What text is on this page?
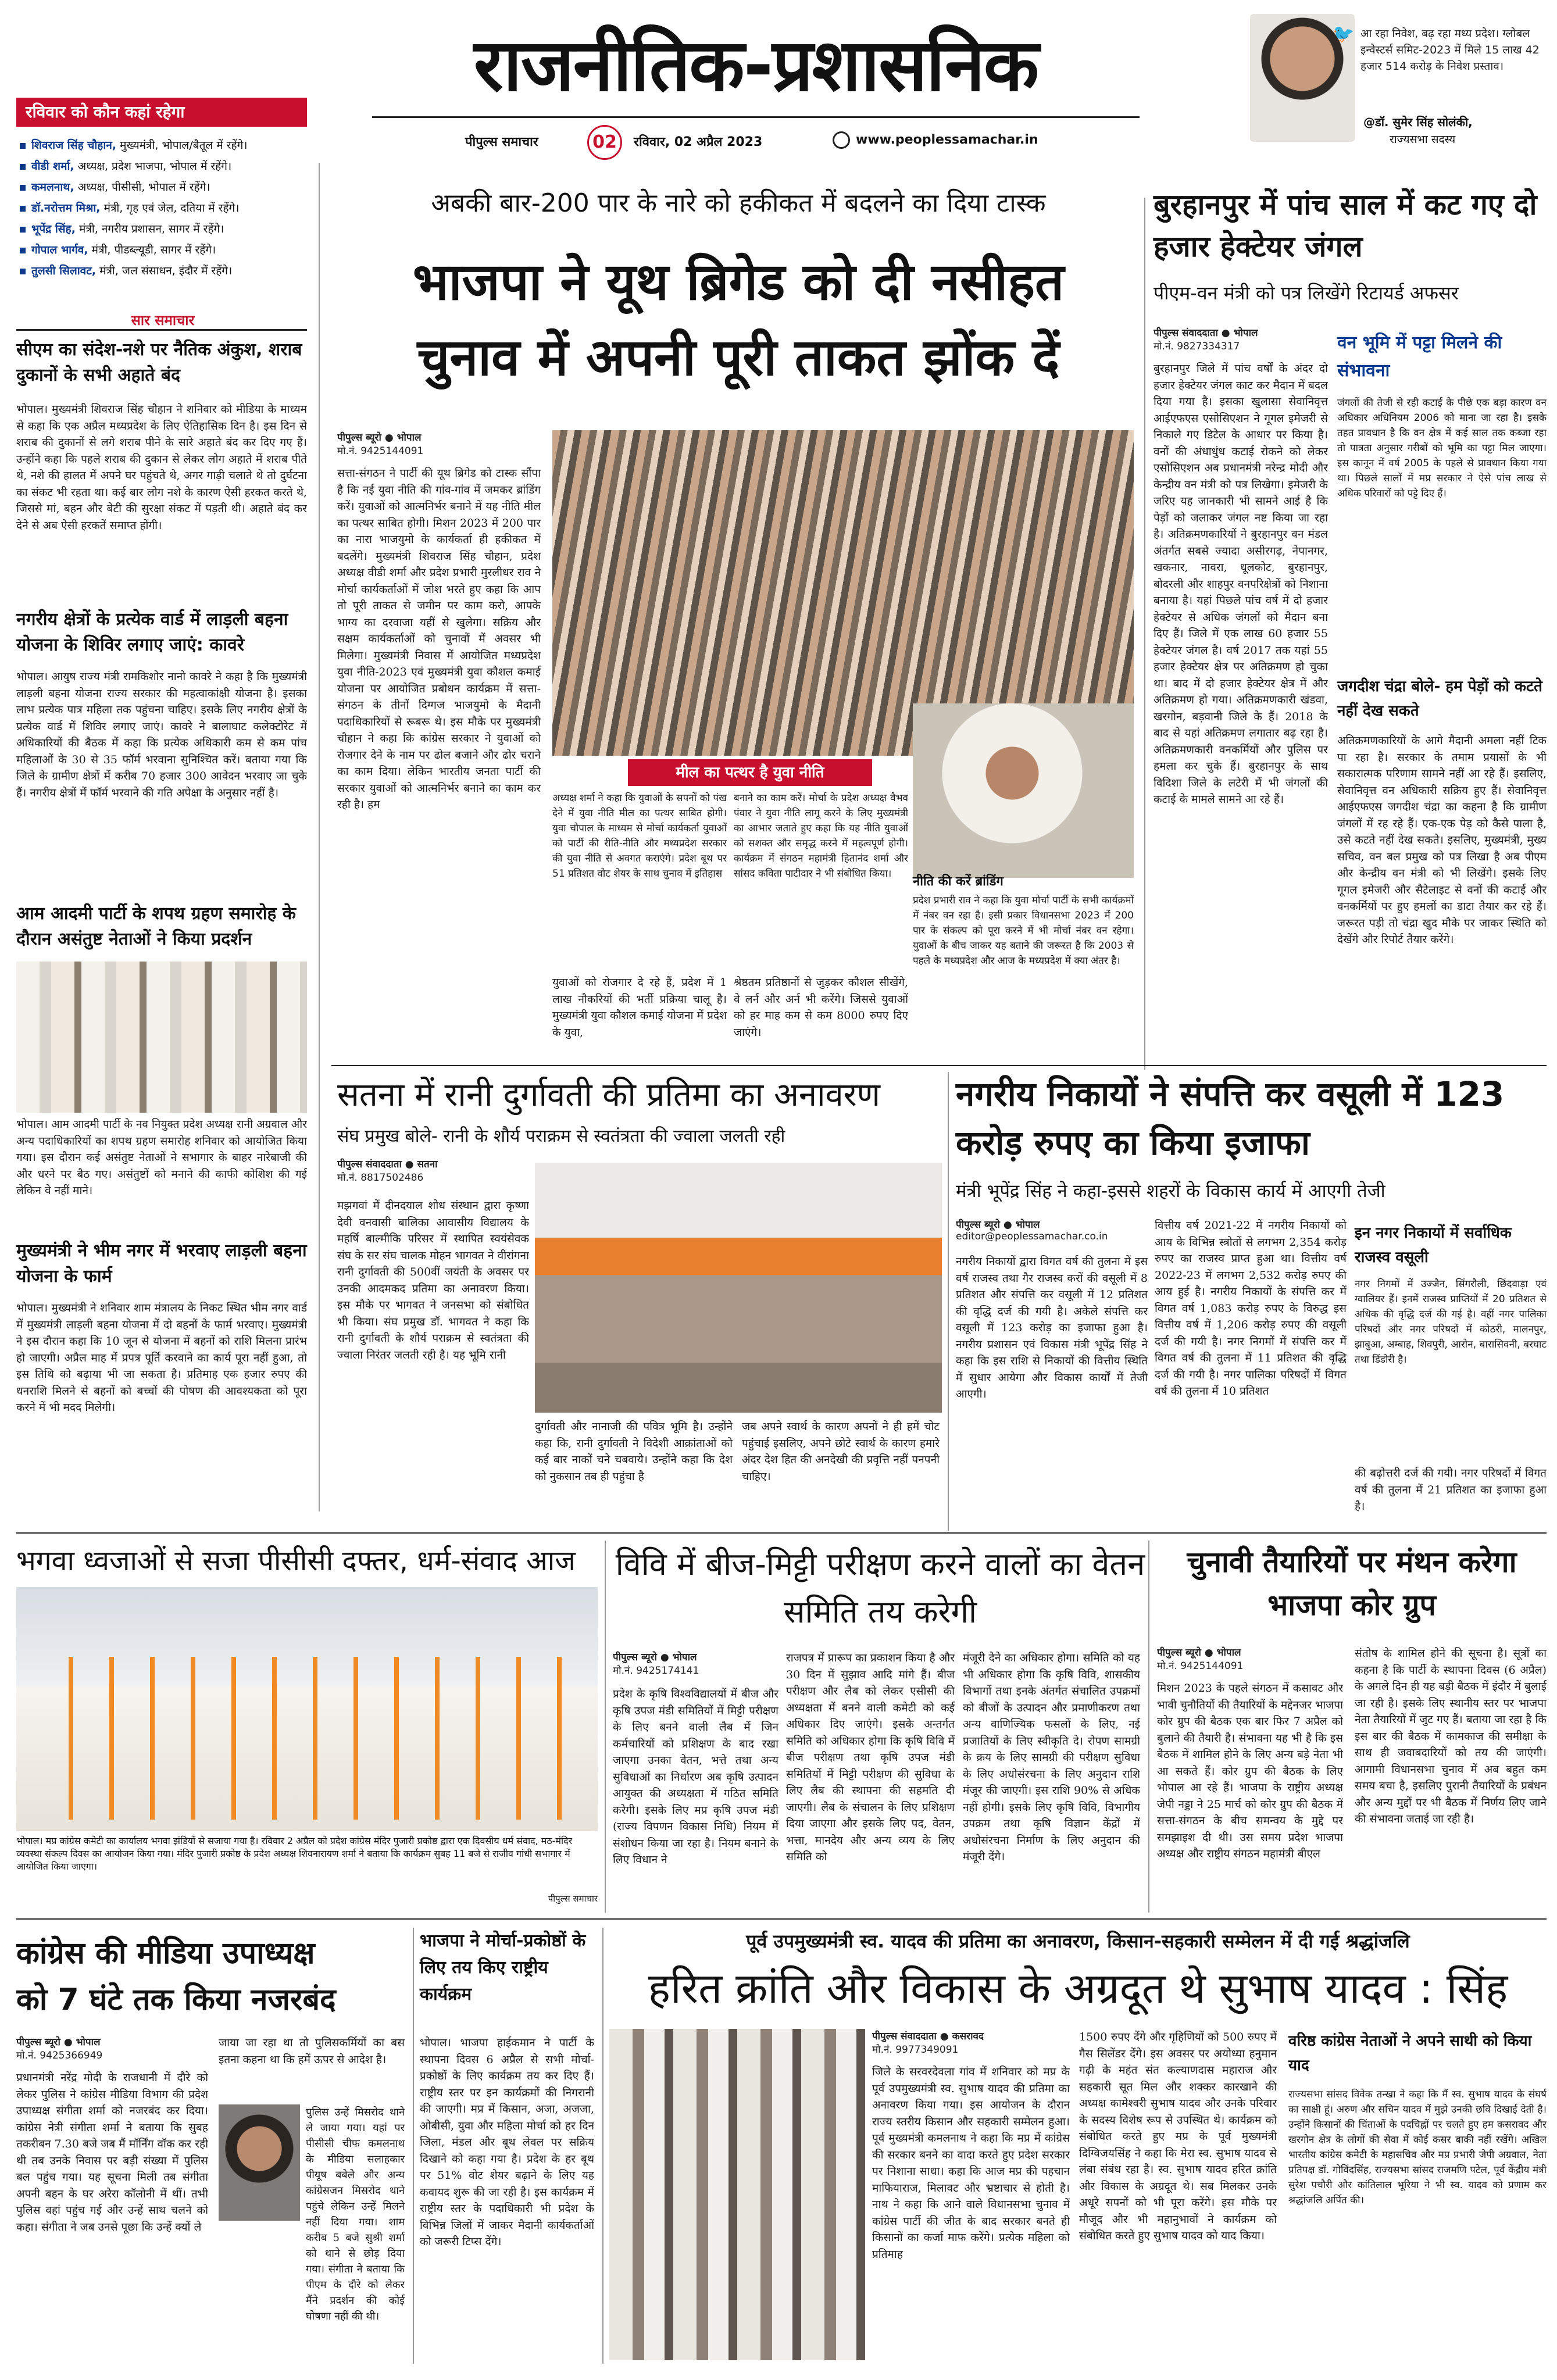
राजनीतिक-प्रशासनिक
पीपुल्स समाचार	02	रविवार, 02 अप्रैल 2023	www.peoplessamachar.in
🐦 आ रहा निवेश, बढ़ रहा मध्य प्रदेश। ग्लोबल इन्वेस्टर्स समिट-2023 में मिले 15 लाख 42 हजार 514 करोड़ के निवेश प्रस्ताव।
@डॉ. सुमेर सिंह सोलंकी,
राज्यसभा सदस्य
रविवार को कौन कहां रहेगा
शिवराज सिंह चौहान, मुख्यमंत्री, भोपाल/बैतूल में रहेंगे।
वीडी शर्मा, अध्यक्ष, प्रदेश भाजपा, भोपाल में रहेंगे।
कमलनाथ, अध्यक्ष, पीसीसी, भोपाल में रहेंगे।
डॉ.नरोत्तम मिश्रा, मंत्री, गृह एवं जेल, दतिया में रहेंगे।
भूपेंद्र सिंह, मंत्री, नगरीय प्रशासन, सागर में रहेंगे।
गोपाल भार्गव, मंत्री, पीडब्ल्यूडी, सागर में रहेंगे।
तुलसी सिलावट, मंत्री, जल संसाधन, इंदौर में रहेंगे।
सार समाचार
सीएम का संदेश-नशे पर नैतिक अंकुश, शराब दुकानों के सभी अहाते बंद
भोपाल। मुख्यमंत्री शिवराज सिंह चौहान ने शनिवार को मीडिया के माध्यम से कहा कि एक अप्रैल मध्यप्रदेश के लिए ऐतिहासिक दिन है। इस दिन से शराब की दुकानों से लगे शराब पीने के सारे अहाते बंद कर दिए गए हैं। उन्होंने कहा कि पहले शराब की दुकान से लेकर लोग अहाते में शराब पीते थे, नशे की हालत में अपने घर पहुंचते थे, अगर गाड़ी चलाते थे तो दुर्घटना का संकट भी रहता था। कई बार लोग नशे के कारण ऐसी हरकत करते थे, जिससे मां, बहन और बेटी की सुरक्षा संकट में पड़ती थी। अहाते बंद कर देने से अब ऐसी हरकतें समाप्त होंगी।
नगरीय क्षेत्रों के प्रत्येक वार्ड में लाड़ली बहना योजना के शिविर लगाए जाएं: कावरे
भोपाल। आयुष राज्य मंत्री रामकिशोर नानो कावरे ने कहा है कि मुख्यमंत्री लाड़ली बहना योजना राज्य सरकार की महत्वाकांक्षी योजना है। इसका लाभ प्रत्येक पात्र महिला तक पहुंचना चाहिए। इसके लिए नगरीय क्षेत्रों के प्रत्येक वार्ड में शिविर लगाए जाएं। कावरे ने बालाघाट कलेक्टोरेट में अधिकारियों की बैठक में कहा कि प्रत्येक अधिकारी कम से कम पांच महिलाओं के 30 से 35 फॉर्म भरवाना सुनिश्चित करें। बताया गया कि जिले के ग्रामीण क्षेत्रों में करीब 70 हजार 300 आवेदन भरवाए जा चुके हैं। नगरीय क्षेत्रों में फॉर्म भरवाने की गति अपेक्षा के अनुसार नहीं है।
आम आदमी पार्टी के शपथ ग्रहण समारोह के दौरान असंतुष्ट नेताओं ने किया प्रदर्शन
भोपाल। आम आदमी पार्टी के नव नियुक्त प्रदेश अध्यक्ष रानी अग्रवाल और अन्य पदाधिकारियों का शपथ ग्रहण समारोह शनिवार को आयोजित किया गया। इस दौरान कई असंतुष्ट नेताओं ने सभागार के बाहर नारेबाजी की और धरने पर बैठ गए। असंतुष्टों को मनाने की काफी कोशिश की गई लेकिन वे नहीं माने।
मुख्यमंत्री ने भीम नगर में भरवाए लाड़ली बहना योजना के फार्म
भोपाल। मुख्यमंत्री ने शनिवार शाम मंत्रालय के निकट स्थित भीम नगर वार्ड में मुख्यमंत्री लाड़ली बहना योजना में दो बहनों के फार्म भरवाए। मुख्यमंत्री ने इस दौरान कहा कि 10 जून से योजना में बहनों को राशि मिलना प्रारंभ हो जाएगी। अप्रैल माह में प्रपत्र पूर्ति करवाने का कार्य पूरा नहीं हुआ, तो इस तिथि को बढ़ाया भी जा सकता है। प्रतिमाह एक हजार रुपए की धनराशि मिलने से बहनों को बच्चों की पोषण की आवश्यकता को पूरा करने में भी मदद मिलेगी।
अबकी बार-200 पार के नारे को हकीकत में बदलने का दिया टास्क
भाजपा ने यूथ ब्रिगेड को दी नसीहत
चुनाव में अपनी पूरी ताकत झोंक दें
पीपुल्स ब्यूरो ● भोपाल
मो.नं. 9425144091
सत्ता-संगठन ने पार्टी की यूथ ब्रिगेड को टास्क सौंपा है कि नई युवा नीति की गांव-गांव में जमकर ब्रांडिंग करें। युवाओं को आत्मनिर्भर बनाने में यह नीति मील का पत्थर साबित होगी। मिशन 2023 में 200 पार का नारा भाजयुमो के कार्यकर्ता ही हकीकत में बदलेंगे। मुख्यमंत्री शिवराज सिंह चौहान, प्रदेश अध्यक्ष वीडी शर्मा और प्रदेश प्रभारी मुरलीधर राव ने मोर्चा कार्यकर्ताओं में जोश भरते हुए कहा कि आप तो पूरी ताकत से जमीन पर काम करो, आपके भाग्य का दरवाजा यहीं से खुलेगा। सक्रिय और सक्षम कार्यकर्ताओं को चुनावों में अवसर भी मिलेगा। मुख्यमंत्री निवास में आयोजित मध्यप्रदेश युवा नीति-2023 एवं मुख्यमंत्री युवा कौशल कमाई योजना पर आयोजित प्रबोधन कार्यक्रम में सत्ता-संगठन के तीनों दिग्गज भाजयुमो के मैदानी पदाधिकारियों से रूबरू थे। इस मौके पर मुख्यमंत्री चौहान ने कहा कि कांग्रेस सरकार ने युवाओं को रोजगार देने के नाम पर ढोल बजाने और ढोर चराने का काम दिया। लेकिन भारतीय जनता पार्टी की सरकार युवाओं को आत्मनिर्भर बनाने का काम कर रही है। हम
मील का पत्थर है युवा नीति
अध्यक्ष शर्मा ने कहा कि युवाओं के सपनों को पंख देने में युवा नीति मील का पत्थर साबित होगी। युवा चौपाल के माध्यम से मोर्चा कार्यकर्ता युवाओं को पार्टी की रीति-नीति और मध्यप्रदेश सरकार की युवा नीति से अवगत कराएंगे। प्रदेश बूथ पर 51 प्रतिशत वोट शेयर के साथ चुनाव में इतिहास
बनाने का काम करें। मोर्चा के प्रदेश अध्यक्ष वैभव पंवार ने युवा नीति लागू करने के लिए मुख्यमंत्री का आभार जताते हुए कहा कि यह नीति युवाओं को सशक्त और समृद्ध करने में महत्वपूर्ण होगी। कार्यक्रम में संगठन महामंत्री हितानंद शर्मा और सांसद कविता पाटीदार ने भी संबोधित किया।
युवाओं को रोजगार दे रहे हैं, प्रदेश में 1 लाख नौकरियों की भर्ती प्रक्रिया चालू है। मुख्यमंत्री युवा कौशल कमाई योजना में प्रदेश के युवा,
श्रेष्ठतम प्रतिष्ठानों से जुड़कर कौशल सीखेंगे, वे लर्न और अर्न भी करेंगे। जिससे युवाओं को हर माह कम से कम 8000 रुपए दिए जाएंगे।
नीति की करें ब्रांडिंग
प्रदेश प्रभारी राव ने कहा कि युवा मोर्चा पार्टी के सभी कार्यक्रमों में नंबर वन रहा है। इसी प्रकार विधानसभा 2023 में 200 पार के संकल्प को पूरा करने में भी मोर्चा नंबर वन रहेगा। युवाओं के बीच जाकर यह बताने की जरूरत है कि 2003 से पहले के मध्यप्रदेश और आज के मध्यप्रदेश में क्या अंतर है।
बुरहानपुर में पांच साल में कट गए दो हजार हेक्टेयर जंगल
पीएम-वन मंत्री को पत्र लिखेंगे रिटायर्ड अफसर
पीपुल्स संवाददाता ● भोपाल
मो.नं. 9827334317
बुरहानपुर जिले में पांच वर्षों के अंदर दो हजार हेक्टेयर जंगल काट कर मैदान में बदल दिया गया है। इसका खुलासा सेवानिवृत्त आईएफएस एसोसिएशन ने गूगल इमेजरी से निकाले गए डिटेल के आधार पर किया है। वनों की अंधाधुंध कटाई रोकने को लेकर एसोसिएशन अब प्रधानमंत्री नरेन्द्र मोदी और केन्द्रीय वन मंत्री को पत्र लिखेगा। इमेजरी के जरिए यह जानकारी भी सामने आई है कि पेड़ों को जलाकर जंगल नष्ट किया जा रहा है। अतिक्रमणकारियों ने बुरहानपुर वन मंडल अंतर्गत सबसे ज्यादा असीरगढ़, नेपानगर, खकनार, नावरा, धूलकोट, बुरहानपुर, बोदरली और शाहपुर वनपरिक्षेत्रों को निशाना बनाया है। यहां पिछले पांच वर्ष में दो हजार हेक्टेयर से अधिक जंगलों को मैदान बना दिए हैं। जिले में एक लाख 60 हजार 55 हेक्टेयर जंगल है। वर्ष 2017 तक यहां 55 हजार हेक्टेयर क्षेत्र पर अतिक्रमण हो चुका था। बाद में दो हजार हेक्टेयर क्षेत्र में और अतिक्रमण हो गया। अतिक्रमणकारी खंडवा, खरगोन, बड़वानी जिले के हैं। 2018 के बाद से यहां अतिक्रमण लगातार बढ़ रहा है। अतिक्रमणकारी वनकर्मियों और पुलिस पर हमला कर चुके हैं। बुरहानपुर के साथ विदिशा जिले के लटेरी में भी जंगलों की कटाई के मामले सामने आ रहे हैं।
वन भूमि में पट्टा मिलने की संभावना
जंगलों की तेजी से रही कटाई के पीछे एक बड़ा कारण वन अधिकार अधिनियम 2006 को माना जा रहा है। इसके तहत प्रावधान है कि वन क्षेत्र में कई साल तक कब्जा रहा तो पात्रता अनुसार गरीबों को भूमि का पट्टा मिल जाएगा। इस कानून में वर्ष 2005 के पहले से प्रावधान किया गया था। पिछले सालों में मप्र सरकार ने ऐसे पांच लाख से अधिक परिवारों को पट्टे दिए हैं।
जगदीश चंद्रा बोले- हम पेड़ों को कटते नहीं देख सकते
अतिक्रमणकारियों के आगे मैदानी अमला नहीं टिक पा रहा है। सरकार के तमाम प्रयासों के भी सकारात्मक परिणाम सामने नहीं आ रहे हैं। इसलिए, सेवानिवृत्त वन अधिकारी सक्रिय हुए हैं। सेवानिवृत्त आईएफएस जगदीश चंद्रा का कहना है कि ग्रामीण जंगलों में रह रहे हैं। एक-एक पेड़ को कैसे पाला है, उसे कटते नहीं देख सकते। इसलिए, मुख्यमंत्री, मुख्य सचिव, वन बल प्रमुख को पत्र लिखा है अब पीएम और केन्द्रीय वन मंत्री को भी लिखेंगे। इसके लिए गूगल इमेजरी और सैटेलाइट से वनों की कटाई और वनकर्मियों पर हुए हमलों का डाटा तैयार कर रहे हैं। जरूरत पड़ी तो चंद्रा खुद मौके पर जाकर स्थिति को देखेंगे और रिपोर्ट तैयार करेंगे।
सतना में रानी दुर्गावती की प्रतिमा का अनावरण
संघ प्रमुख बोले- रानी के शौर्य पराक्रम से स्वतंत्रता की ज्वाला जलती रही
पीपुल्स संवाददाता ● सतना
मो.नं. 8817502486
मझगवां में दीनदयाल शोध संस्थान द्वारा कृष्णा देवी वनवासी बालिका आवासीय विद्यालय के महर्षि बाल्मीकि परिसर में स्थापित स्वयंसेवक संघ के सर संघ चालक मोहन भागवत ने वीरांगना रानी दुर्गावती की 500वीं जयंती के अवसर पर उनकी आदमकद प्रतिमा का अनावरण किया। इस मौके पर भागवत ने जनसभा को संबोधित भी किया। संघ प्रमुख डॉ. भागवत ने कहा कि रानी दुर्गावती के शौर्य पराक्रम से स्वतंत्रता की ज्वाला निरंतर जलती रही है। यह भूमि रानी
दुर्गावती और नानाजी की पवित्र भूमि है। उन्होंने कहा कि, रानी दुर्गावती ने विदेशी आक्रांताओं को कई बार नाकों चने चबवाये। उन्होंने कहा कि देश को नुकसान तब ही पहुंचा है
जब अपने स्वार्थ के कारण अपनों ने ही हमें चोट पहुंचाई इसलिए, अपने छोटे स्वार्थ के कारण हमारे अंदर देश हित की अनदेखी की प्रवृत्ति नहीं पनपनी चाहिए।
नगरीय निकायों ने संपत्ति कर वसूली में 123 करोड़ रुपए का किया इजाफा
मंत्री भूपेंद्र सिंह ने कहा-इससे शहरों के विकास कार्य में आएगी तेजी
पीपुल्स ब्यूरो ● भोपाल
editor@peoplessamachar.co.in
नगरीय निकायों द्वारा विगत वर्ष की तुलना में इस वर्ष राजस्व तथा गैर राजस्व करों की वसूली में 8 प्रतिशत और संपत्ति कर वसूली में 12 प्रतिशत की वृद्धि दर्ज की गयी है। अकेले संपत्ति कर वसूली में 123 करोड़ का इजाफा हुआ है। नगरीय प्रशासन एवं विकास मंत्री भूपेंद्र सिंह ने कहा कि इस राशि से निकायों की वित्तीय स्थिति में सुधार आयेगा और विकास कार्यों में तेजी आएगी।
वित्तीय वर्ष 2021-22 में नगरीय निकायों को आय के विभिन्न स्त्रोतों से लगभग 2,354 करोड़ रुपए का राजस्व प्राप्त हुआ था। वित्तीय वर्ष 2022-23 में लगभग 2,532 करोड़ रुपए की आय हुई है। नगरीय निकायों के संपत्ति कर में विगत वर्ष 1,083 करोड़ रुपए के विरुद्ध इस वित्तीय वर्ष में 1,206 करोड़ रुपए की वसूली दर्ज की गयी है। नगर निगमों में संपत्ति कर में विगत वर्ष की तुलना में 11 प्रतिशत की वृद्धि दर्ज की गयी है। नगर पालिका परिषदों में विगत वर्ष की तुलना में 10 प्रतिशत
इन नगर निकायों में सर्वाधिक राजस्व वसूली
नगर निगमों में उज्जैन, सिंगरौली, छिंदवाड़ा एवं ग्वालियर हैं। इनमें राजस्व प्राप्तियों में 20 प्रतिशत से अधिक की वृद्धि दर्ज की गई है। वहीं नगर पालिका परिषदों और नगर परिषदों में कोठरी, मालनपुर, झाबुआ, अम्बाह, शिवपुरी, आरोन, बारासिवनी, बरघाट तथा डिंडोरी है।
की बढ़ोत्तरी दर्ज की गयी। नगर परिषदों में विगत वर्ष की तुलना में 21 प्रतिशत का इजाफा हुआ है।
भगवा ध्वजाओं से सजा पीसीसी दफ्तर, धर्म-संवाद आज
भोपाल। मप्र कांग्रेस कमेटी का कार्यालय भगवा झंडियों से सजाया गया है। रविवार 2 अप्रैल को प्रदेश कांग्रेस मंदिर पुजारी प्रकोष्ठ द्वारा एक दिवसीय धर्म संवाद, मठ-मंदिर व्यवस्था संकल्प दिवस का आयोजन किया गया। मंदिर पुजारी प्रकोष्ठ के प्रदेश अध्यक्ष शिवनारायण शर्मा ने बताया कि कार्यक्रम सुबह 11 बजे से राजीव गांधी सभागार में आयोजित किया जाएगा।
पीपुल्स समाचार
विवि में बीज-मिट्टी परीक्षण करने वालों का वेतन समिति तय करेगी
पीपुल्स ब्यूरो ● भोपाल
मो.नं. 9425174141
प्रदेश के कृषि विश्वविद्यालयों में बीज और कृषि उपज मंडी समितियों में मिट्टी परीक्षण के लिए बनने वाली लैब में जिन कर्मचारियों को प्रशिक्षण के बाद रखा जाएगा उनका वेतन, भत्ते तथा अन्य सुविधाओं का निर्धारण अब कृषि उत्पादन आयुक्त की अध्यक्षता में गठित समिति करेगी। इसके लिए मप्र कृषि उपज मंडी (राज्य विपणन विकास निधि) नियम में संशोधन किया जा रहा है। नियम बनाने के लिए विधान ने
राजपत्र में प्रारूप का प्रकाशन किया है और 30 दिन में सुझाव आदि मांगे हैं। बीज परीक्षण और लैब को लेकर एसीसी की अध्यक्षता में बनने वाली कमेटी को कई अधिकार दिए जाएंगे। इसके अन्तर्गत समिति को अधिकार होगा कि कृषि विवि में बीज परीक्षण तथा कृषि उपज मंडी समितियों में मिट्टी परीक्षण की सुविधा के लिए लैब की स्थापना की सहमति दी जाएगी। लैब के संचालन के लिए प्रशिक्षण दिया जाएगा और इसके लिए पद, वेतन, भत्ता, मानदेय और अन्य व्यय के लिए समिति को
मंजूरी देने का अधिकार होगा। समिति को यह भी अधिकार होगा कि कृषि विवि, शासकीय विभागों तथा इनके अंतर्गत संचालित उपक्रमों को बीजों के उत्पादन और प्रमाणीकरण तथा अन्य वाणिज्यिक फसलों के लिए, नई प्रजातियों के लिए स्वीकृति दे। रोपण सामग्री के क्रय के लिए सामग्री की परीक्षण सुविधा के लिए अधोसंरचना के लिए अनुदान राशि मंजूर की जाएगी। इस राशि 90% से अधिक नहीं होगी। इसके लिए कृषि विवि, विभागीय उपक्रम तथा कृषि विज्ञान केंद्रों में अधोसंरचना निर्माण के लिए अनुदान की मंजूरी देंगे।
चुनावी तैयारियों पर मंथन करेगा भाजपा कोर ग्रुप
पीपुल्स ब्यूरो ● भोपाल
मो.नं. 9425144091
मिशन 2023 के पहले संगठन में कसावट और भावी चुनौतियों की तैयारियों के मद्देनजर भाजपा कोर ग्रुप की बैठक एक बार फिर 7 अप्रैल को बुलाने की तैयारी है। संभावना यह भी है कि इस बैठक में शामिल होने के लिए अन्य बड़े नेता भी आ सकते हैं। कोर ग्रुप की बैठक के लिए भोपाल आ रहे हैं। भाजपा के राष्ट्रीय अध्यक्ष जेपी नड्डा ने 25 मार्च को कोर ग्रुप की बैठक में सत्ता-संगठन के बीच समन्वय के मुद्दे पर समझाइश दी थी। उस समय प्रदेश भाजपा अध्यक्ष और राष्ट्रीय संगठन महामंत्री बीएल
संतोष के शामिल होने की सूचना है। सूत्रों का कहना है कि पार्टी के स्थापना दिवस (6 अप्रैल) के अगले दिन ही यह बड़ी बैठक में इंदौर में बुलाई जा रही है। इसके लिए स्थानीय स्तर पर भाजपा नेता तैयारियों में जुट गए हैं। बताया जा रहा है कि इस बार की बैठक में कामकाज की समीक्षा के साथ ही जवाबदारियों को तय की जाएंगी। आगामी विधानसभा चुनाव में अब बहुत कम समय बचा है, इसलिए पुरानी तैयारियों के प्रबंधन और अन्य मुद्दों पर भी बैठक में निर्णय लिए जाने की संभावना जताई जा रही है।
कांग्रेस की मीडिया उपाध्यक्ष
को 7 घंटे तक किया नजरबंद
पीपुल्स ब्यूरो ● भोपाल
मो.नं. 9425366949
प्रधानमंत्री नरेंद्र मोदी के राजधानी में दौरे को लेकर पुलिस ने कांग्रेस मीडिया विभाग की प्रदेश उपाध्यक्ष संगीता शर्मा को नजरबंद कर दिया। कांग्रेस नेत्री संगीता शर्मा ने बताया कि सुबह तकरीबन 7.30 बजे जब मैं मॉर्निंग वॉक कर रही थी तब उनके निवास पर बड़ी संख्या में पुलिस बल पहुंच गया। यह सूचना मिली तब संगीता अपनी बहन के घर अरेरा कॉलोनी में थीं। तभी पुलिस वहां पहुंच गई और उन्हें साथ चलने को कहा। संगीता ने जब उनसे पूछा कि उन्हें क्यों ले
जाया जा रहा था तो पुलिसकर्मियों का बस इतना कहना था कि हमें ऊपर से आदेश है।
पुलिस उन्हें मिसरोद थाने ले जाया गया। यहां पर पीसीसी चीफ कमलनाथ के मीडिया सलाहकार पीयूष बबेले और अन्य कांग्रेसजन मिसरोद थाने पहुंचे लेकिन उन्हें मिलने नहीं दिया गया। शाम करीब 5 बजे सुश्री शर्मा को थाने से छोड़ दिया गया। संगीता ने बताया कि पीएम के दौरे को लेकर मैंने प्रदर्शन की कोई घोषणा नहीं की थी।
भाजपा ने मोर्चा-प्रकोष्ठों के लिए तय किए राष्ट्रीय कार्यक्रम
भोपाल। भाजपा हाईकमान ने पार्टी के स्थापना दिवस 6 अप्रैल से सभी मोर्चा-प्रकोष्ठों के लिए कार्यक्रम तय कर दिए हैं। राष्ट्रीय स्तर पर इन कार्यक्रमों की निगरानी की जाएगी। मप्र में किसान, अजा, अजजा, ओबीसी, युवा और महिला मोर्चा को हर दिन जिला, मंडल और बूथ लेवल पर सक्रिय दिखाने को कहा गया है। प्रदेश के हर बूथ पर 51% वोट शेयर बढ़ाने के लिए यह कवायद शुरू की जा रही है। इस कार्यक्रम में राष्ट्रीय स्तर के पदाधिकारी भी प्रदेश के विभिन्न जिलों में जाकर मैदानी कार्यकर्ताओं को जरूरी टिप्स देंगे।
पूर्व उपमुख्यमंत्री स्व. यादव की प्रतिमा का अनावरण, किसान-सहकारी सम्मेलन में दी गई श्रद्धांजलि
हरित क्रांति और विकास के अग्रदूत थे सुभाष यादव : सिंह
पीपुल्स संवाददाता ● कसरावद
मो.नं. 9977349091
जिले के सरवरदेवला गांव में शनिवार को मप्र के पूर्व उपमुख्यमंत्री स्व. सुभाष यादव की प्रतिमा का अनावरण किया गया। इस आयोजन के दौरान राज्य स्तरीय किसान और सहकारी सम्मेलन हुआ। पूर्व मुख्यमंत्री कमलनाथ ने कहा कि मप्र में कांग्रेस की सरकार बनने का वादा करते हुए प्रदेश सरकार पर निशाना साधा। कहा कि आज मप्र की पहचान माफियाराज, मिलावट और भ्रष्टाचार से होती है। नाथ ने कहा कि आने वाले विधानसभा चुनाव में कांग्रेस पार्टी की जीत के बाद सरकार बनते ही किसानों का कर्जा माफ करेंगे। प्रत्येक महिला को प्रतिमाह
1500 रुपए देंगे और गृहिणियों को 500 रुपए में गैस सिलेंडर देंगे। इस अवसर पर अयोध्या हनुमान गढ़ी के महंत संत कल्याणदास महाराज और सहकारी सूत मिल और शक्कर कारखाने की अध्यक्ष कामेश्वरी सुभाष यादव और उनके परिवार के सदस्य विशेष रूप से उपस्थित थे। कार्यक्रम को संबोधित करते हुए मप्र के पूर्व मुख्यमंत्री दिग्विजयसिंह ने कहा कि मेरा स्व. सुभाष यादव से लंबा संबंध रहा है। स्व. सुभाष यादव हरित क्रांति और विकास के अग्रदूत थे। सब मिलकर उनके अधूरे सपनों को भी पूरा करेंगे। इस मौके पर मौजूद और भी महानुभावों ने कार्यक्रम को संबोधित करते हुए सुभाष यादव को याद किया।
वरिष्ठ कांग्रेस नेताओं ने अपने साथी को किया याद
राज्यसभा सांसद विवेक तन्खा ने कहा कि मैं स्व. सुभाष यादव के संघर्ष का साक्षी हूं। अरुण और सचिन यादव में मुझे उनकी छवि दिखाई देती है। उन्होंने किसानों की चिंताओं के पदचिह्नों पर चलते हुए हम कसरावद और खरगोन क्षेत्र के लोगों की सेवा में कोई कसर बाकी नहीं रखेंगे। अखिल भारतीय कांग्रेस कमेटी के महासचिव और मप्र प्रभारी जेपी अग्रवाल, नेता प्रतिपक्ष डॉ. गोविंदसिंह, राज्यसभा सांसद राजमणि पटेल, पूर्व केंद्रीय मंत्री सुरेश पचौरी और कांतिलाल भूरिया ने भी स्व. यादव को प्रणाम कर श्रद्धांजलि अर्पित की।
